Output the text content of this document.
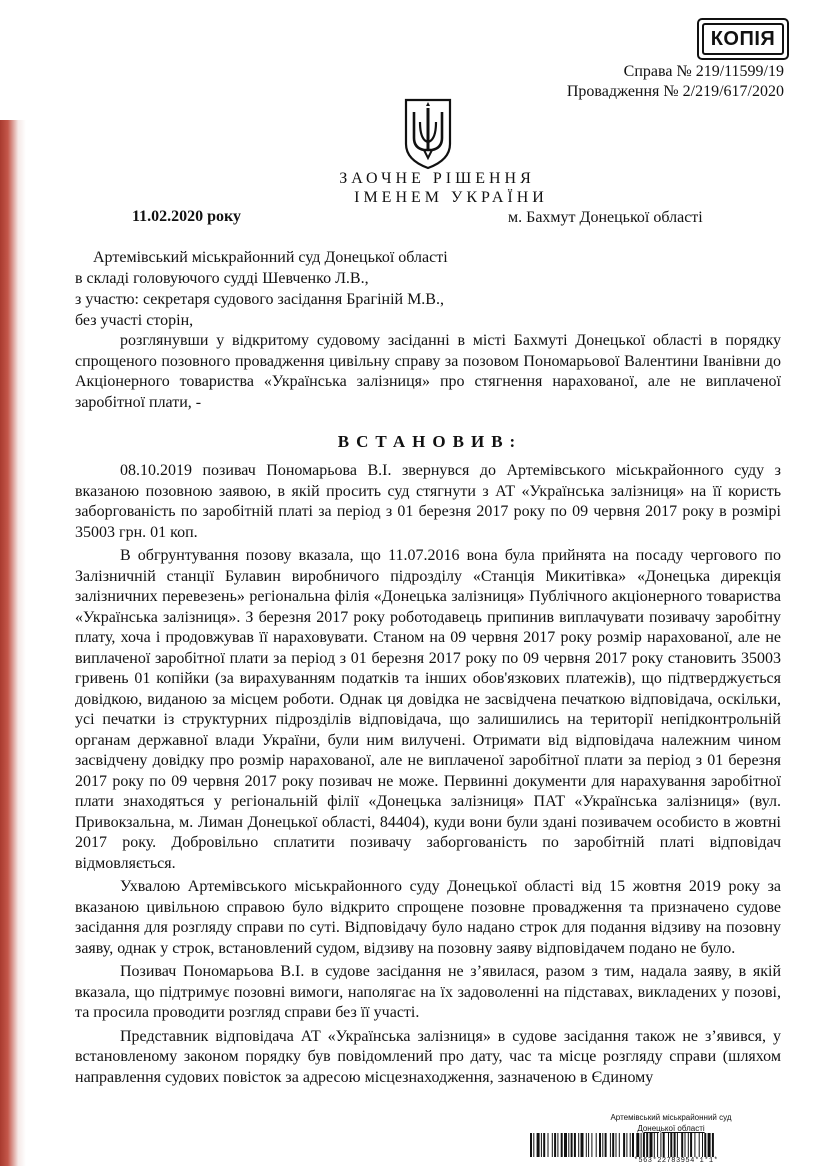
КОПІЯ
Справа № 219/11599/19
Провадження № 2/219/617/2020
ЗАОЧНЕ РІШЕННЯ
ІМЕНЕМ УКРАЇНИ
11.02.2020 року	м. Бахмут Донецької області
Артемівський міськрайонний суд Донецької області
в складі головуючого судді Шевченко Л.В.,
з участю: секретаря судового засідання Брагіній М.В.,
без участі сторін,

розглянувши у відкритому судовому засіданні в місті Бахмуті Донецької області в порядку спрощеного позовного провадження цивільну справу за позовом Пономарьової Валентини Іванівни до Акціонерного товариства «Українська залізниця» про стягнення нарахованої, але не виплаченої заробітної плати, -

ВСТАНОВИВ:

08.10.2019 позивач Пономарьова В.І. звернувся до Артемівського міськрайонного суду з вказаною позовною заявою, в якій просить суд стягнути з АТ «Українська залізниця» на її користь заборгованість по заробітній платі за період з 01 березня 2017 року по 09 червня 2017 року в розмірі 35003 грн. 01 коп.

В обгрунтування позову вказала, що 11.07.2016 вона була прийнята на посаду чергового по Залізничній станції Булавин виробничого підрозділу «Станція Микитівка» «Донецька дирекція залізничних перевезень» регіональна філія «Донецька залізниця» Публічного акціонерного товариства «Українська залізниця». З березня 2017 року роботодавець припинив виплачувати позивачу заробітну плату, хоча і продовжував її нараховувати. Станом на 09 червня 2017 року розмір нарахованої, але не виплаченої заробітної плати за період з 01 березня 2017 року по 09 червня 2017 року становить 35003 гривень 01 копійки (за вирахуванням податків та інших обов'язкових платежів), що підтверджується довідкою, виданою за місцем роботи. Однак ця довідка не засвідчена печаткою відповідача, оскільки, усі печатки із структурних підрозділів відповідача, що залишились на території непідконтрольній органам державної влади України, були ним вилучені. Отримати від відповідача належним чином засвідчену довідку про розмір нарахованої, але не виплаченої заробітної плати за період з 01 березня 2017 року по 09 червня 2017 року позивач не може. Первинні документи для нарахування заробітної плати знаходяться у регіональній філії «Донецька залізниця» ПАТ «Українська залізниця» (вул. Привокзальна, м. Лиман Донецької області, 84404), куди вони були здані позивачем особисто в жовтні 2017 року. Добровільно сплатити позивачу заборгованість по заробітній платі відповідач відмовляється.

Ухвалою Артемівського міськрайонного суду Донецької області від 15 жовтня 2019 року за вказаною цивільною справою було відкрито спрощене позовне провадження та призначено судове засідання для розгляду справи по суті. Відповідачу було надано строк для подання відзиву на позовну заяву, однак у строк, встановлений судом, відзиву на позовну заяву відповідачем подано не було.

Позивач Пономарьова В.І. в судове засідання не з’явилася, разом з тим, надала заяву, в якій вказала, що підтримує позовні вимоги, наполягає на їх задоволенні на підставах, викладених у позові, та просила проводити розгляд справи без її участі.

Представник відповідача АТ «Українська залізниця» в судове засідання також не з’явився, у встановленому законом порядку був повідомлений про дату, час та місце розгляду справи (шляхом направлення судових повісток за адресою місцезнаходження, зазначеною в Єдиному

Артемівський міськрайонний суд
Донецької області
*563*22783954*1*1*
